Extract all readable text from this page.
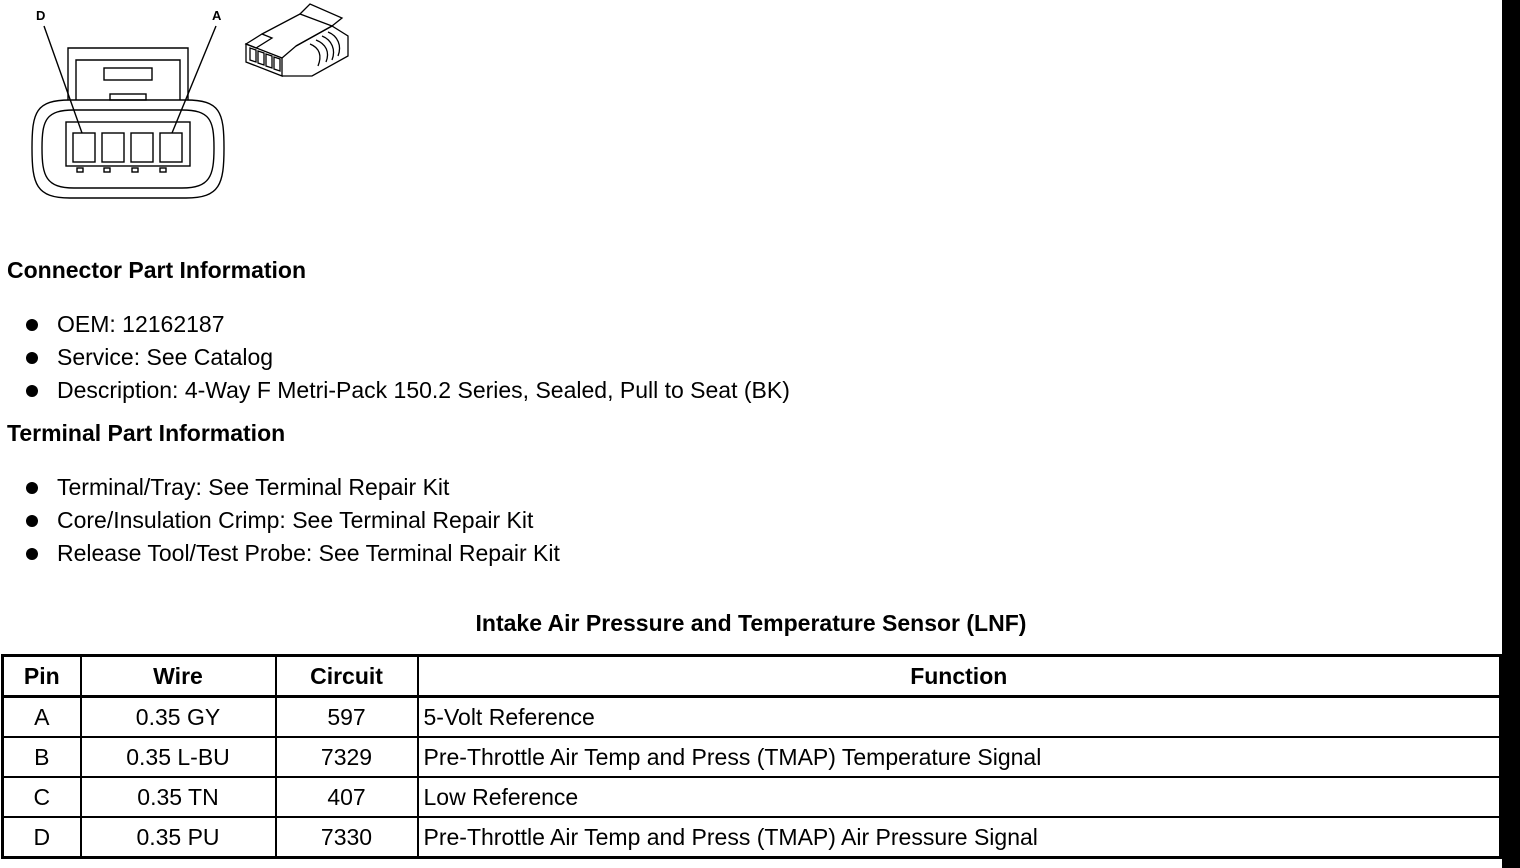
D	A
Connector Part Information
OEM: 12162187
Service: See Catalog
Description: 4-Way F Metri-Pack 150.2 Series, Sealed, Pull to Seat (BK)
Terminal Part Information
Terminal/Tray: See Terminal Repair Kit
Core/Insulation Crimp: See Terminal Repair Kit
Release Tool/Test Probe: See Terminal Repair Kit
Intake Air Pressure and Temperature Sensor (LNF)
Pin	Wire	Circuit	Function
A	0.35 GY	597	5-Volt Reference
B	0.35 L-BU	7329	Pre-Throttle Air Temp and Press (TMAP) Temperature Signal
C	0.35 TN	407	Low Reference
D	0.35 PU	7330	Pre-Throttle Air Temp and Press (TMAP) Air Pressure Signal
